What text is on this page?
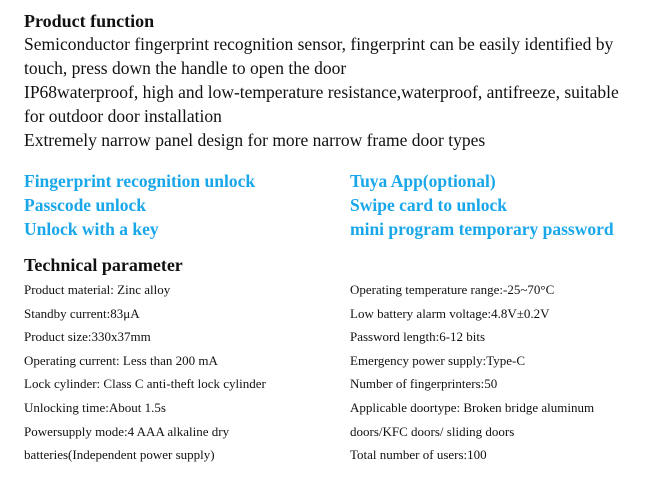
Product function
Semiconductor fingerprint recognition sensor, fingerprint can be easily identified by
touch, press down the handle to open the door
IP68waterproof, high and low-temperature resistance,waterproof, antifreeze, suitable
for outdoor door installation
Extremely narrow panel design for more narrow frame door types
Fingerprint recognition unlock
Passcode unlock
Unlock with a key
Tuya App(optional)
Swipe card to unlock
mini program temporary password
Technical parameter
Product material: Zinc alloy
Standby current:83μA
Product size:330x37mm
Operating current: Less than 200 mA
Lock cylinder: Class C anti-theft lock cylinder
Unlocking time:About 1.5s
Powersupply mode:4 AAA alkaline dry
batteries(Independent power supply)
Operating temperature range:-25~70°C
Low battery alarm voltage:4.8V±0.2V
Password length:6-12 bits
Emergency power supply:Type-C
Number of fingerprinters:50
Applicable doortype: Broken bridge aluminum
doors/KFC doors/ sliding doors
Total number of users:100
